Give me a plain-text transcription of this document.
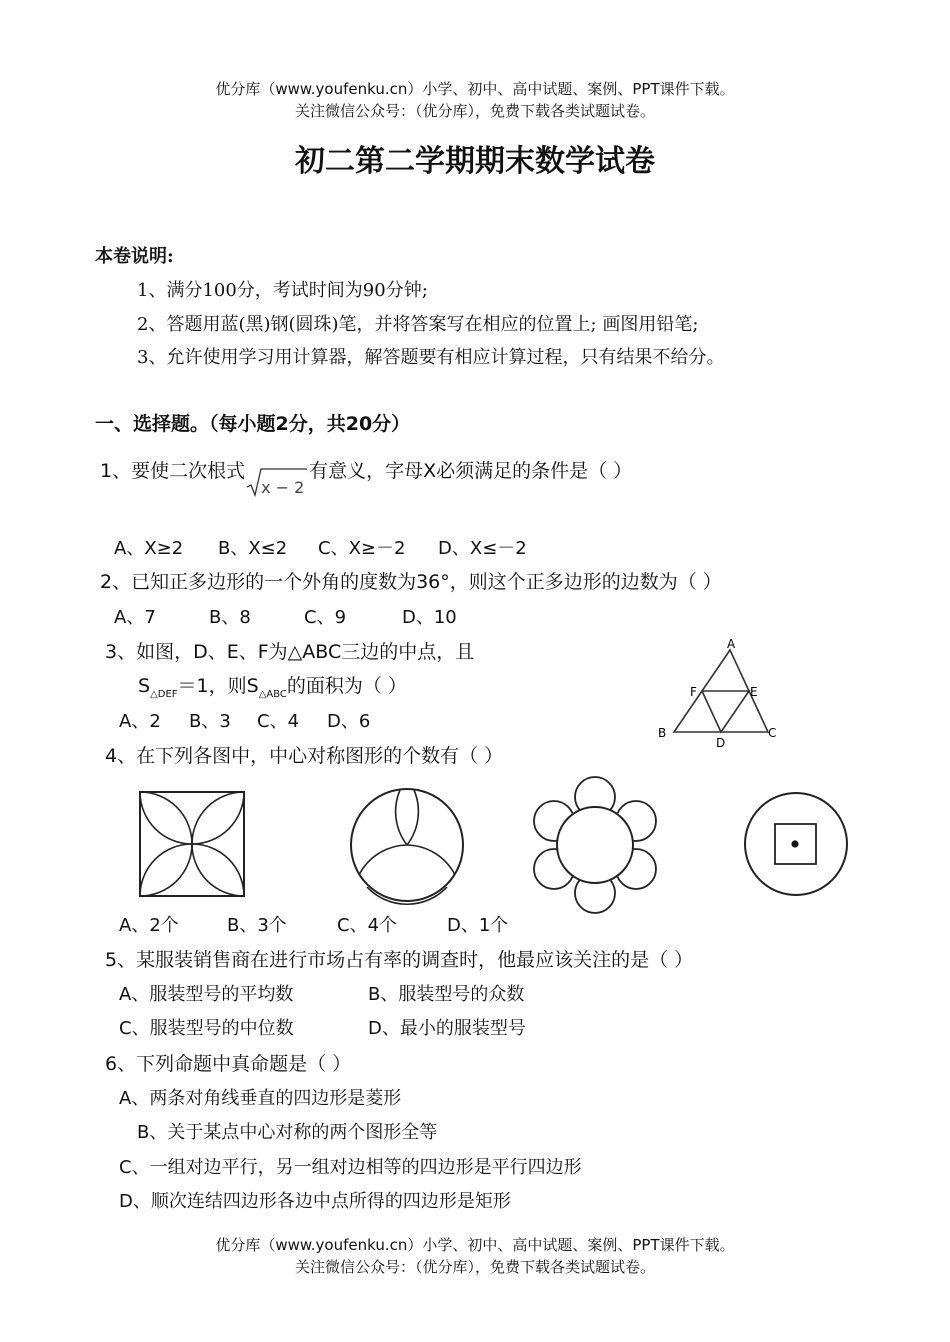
优分库（www.youfenku.cn）小学、初中、高中试题、案例、PPT课件下载。
关注微信公众号：（优分库），免费下载各类试题试卷。
初二第二学期期末数学试卷
本卷说明:
1、满分100分，考试时间为90分钟;
2、答题用蓝(黑)钢(圆珠)笔，并将答案写在相应的位置上; 画图用铅笔;
3、允许使用学习用计算器，解答题要有相应计算过程，只有结果不给分。
一、选择题。（每小题2分，共20分）
1、要使二次根式
x − 2
有意义，字母X必须满足的条件是（ ）
A、X≥2 B、X≤2 C、X≥－2 D、X≤－2
2、已知正多边形的一个外角的度数为36°，则这个正多边形的边数为（ ）
A、7	B、8	C、9	D、10
3、如图，D、E、F为△ABC三边的中点，且
$S_{\triangle DEF}=1$，则$S_{\triangle ABC}$的面积为（ ）
A、2 B、3 C、4 D、6
A
B	C
D
E
F
4、在下列各图中，中心对称图形的个数有（ ）
A、2个	B、3个	C、4个	D、1个
5、某服装销售商在进行市场占有率的调查时，他最应该关注的是（ ）
A、服装型号的平均数	B、服装型号的众数
C、服装型号的中位数	D、最小的服装型号
6、下列命题中真命题是（ ）
A、两条对角线垂直的四边形是菱形
B、关于某点中心对称的两个图形全等
C、一组对边平行，另一组对边相等的四边形是平行四边形
D、顺次连结四边形各边中点所得的四边形是矩形
优分库（www.youfenku.cn）小学、初中、高中试题、案例、PPT课件下载。
关注微信公众号：（优分库），免费下载各类试题试卷。
